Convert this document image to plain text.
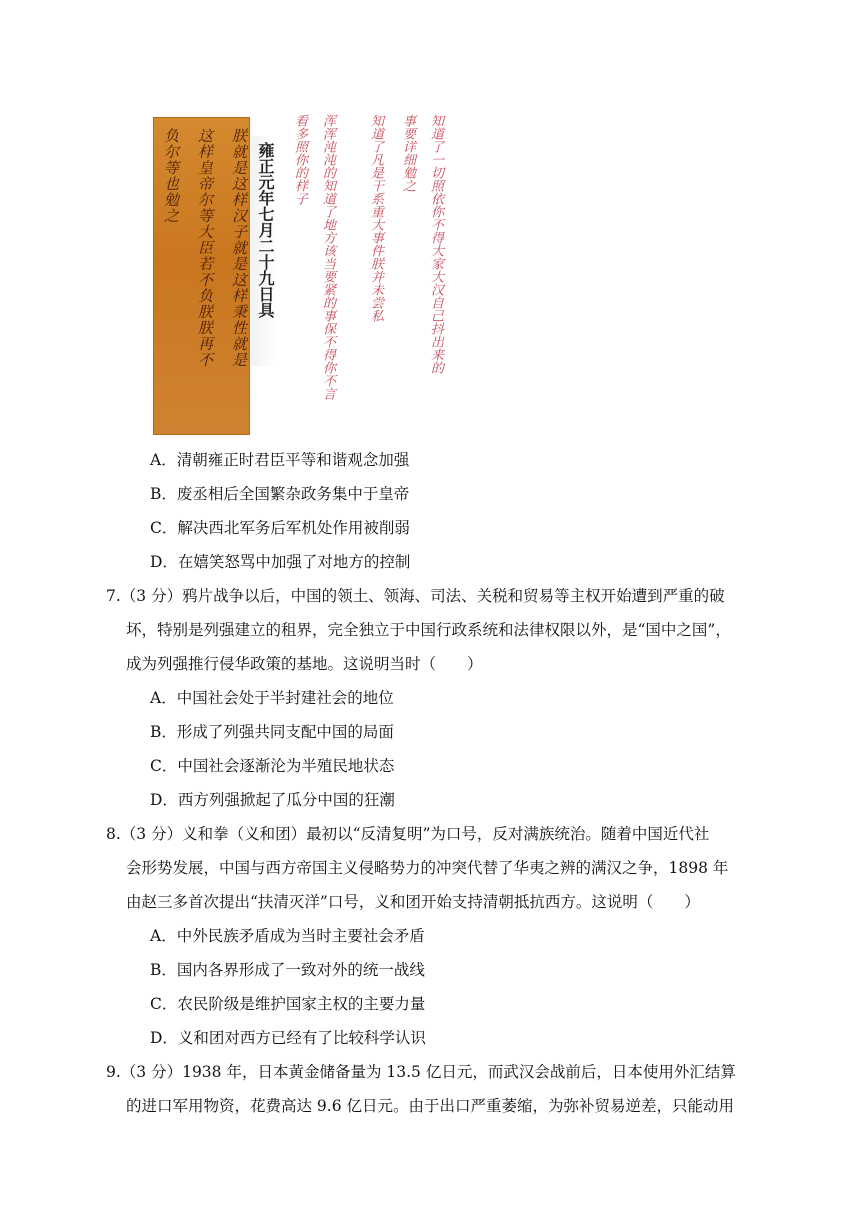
朕就是这样汉子就是这样秉性就是
这样皇帝尔等大臣若不负朕朕再不
负尔等也勉之	雍正元年七月二十九日具	知道了一切照依你不得大家大汉自己抖出来的
事要详细勉之
知道了凡是干系重大事件朕并未尝私
浑浑沌沌的知道了地方该当要紧的事保不得你不言
看多照你的样子
A．清朝雍正时君臣平等和谐观念加强
B．废丞相后全国繁杂政务集中于皇帝
C．解决西北军务后军机处作用被削弱
D．在嬉笑怒骂中加强了对地方的控制
7.（3 分）鸦片战争以后，中国的领土、领海、司法、关税和贸易等主权开始遭到严重的破
坏，特别是列强建立的租界，完全独立于中国行政系统和法律权限以外，是“国中之国”，
成为列强推行侵华政策的基地。这说明当时（　　）
A．中国社会处于半封建社会的地位
B．形成了列强共同支配中国的局面
C．中国社会逐渐沦为半殖民地状态
D．西方列强掀起了瓜分中国的狂潮
8.（3 分）义和拳（义和团）最初以“反清复明”为口号，反对满族统治。随着中国近代社
会形势发展，中国与西方帝国主义侵略势力的冲突代替了华夷之辨的满汉之争，1898 年
由赵三多首次提出“扶清灭洋”口号，义和团开始支持清朝抵抗西方。这说明（　　）
A．中外民族矛盾成为当时主要社会矛盾
B．国内各界形成了一致对外的统一战线
C．农民阶级是维护国家主权的主要力量
D．义和团对西方已经有了比较科学认识
9.（3 分）1938 年，日本黄金储备量为 13.5 亿日元，而武汉会战前后，日本使用外汇结算
的进口军用物资，花费高达 9.6 亿日元。由于出口严重萎缩，为弥补贸易逆差，只能动用
